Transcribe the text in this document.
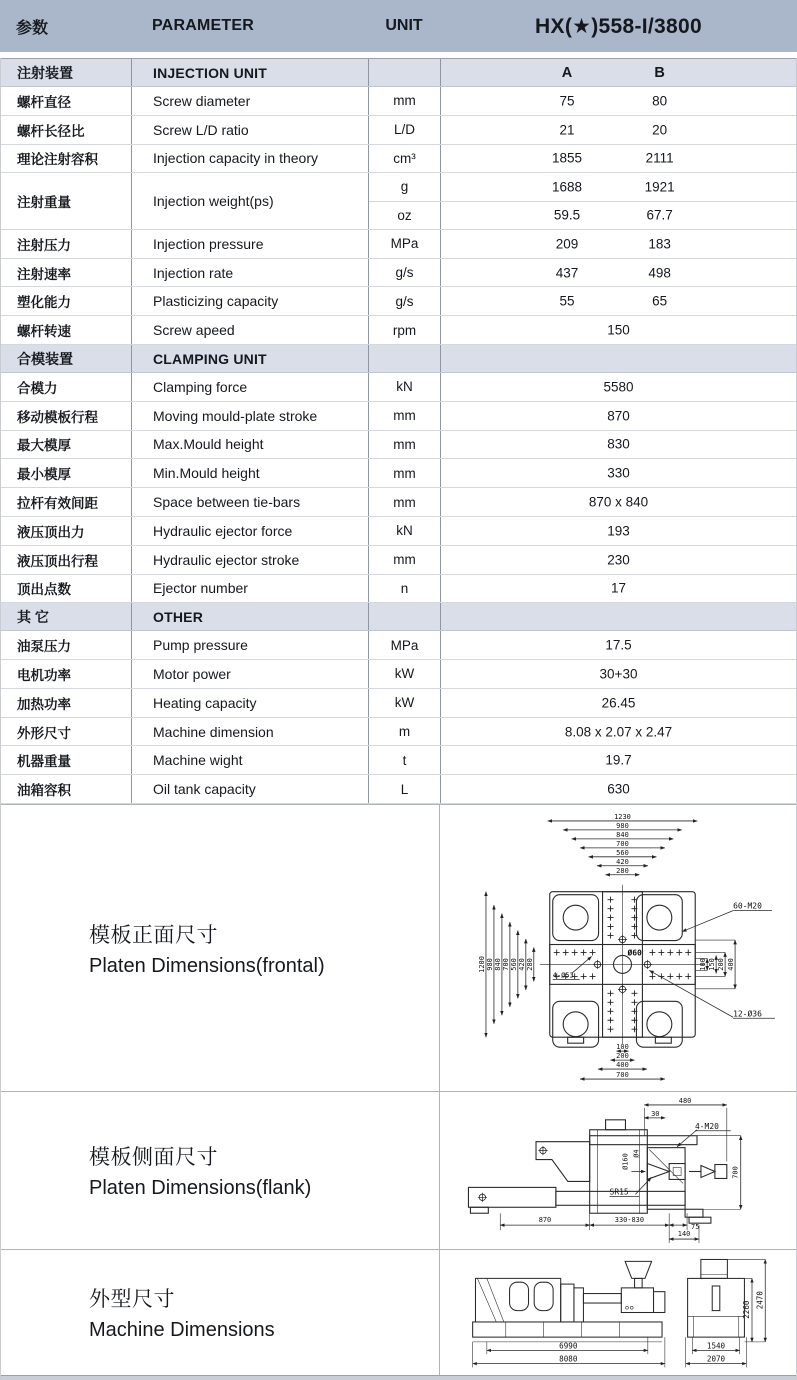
参数	PARAMETER	UNIT	HX(★)558-I/3800
注射装置	INJECTION UNIT	A	B
螺杆直径	Screw diameter	mm	75	80
螺杆长径比	Screw L/D ratio	L/D	21	20
理论注射容积	Injection capacity in theory	cm³	1855	2111
注射重量	Injection weight(ps)
g	1688	1921
oz	59.5	67.7
注射压力	Injection pressure	MPa	209	183
注射速率	Injection rate	g/s	437	498
塑化能力	Plasticizing capacity	g/s	55	65
螺杆转速	Screw apeed	rpm	150
合模装置	CLAMPING UNIT
合模力	Clamping force	kN	5580
移动模板行程	Moving mould-plate stroke	mm	870
最大模厚	Max.Mould height	mm	830
最小模厚	Min.Mould height	mm	330
拉杆有效间距	Space between tie-bars	mm	870 x 840
液压顶出力	Hydraulic ejector force	kN	193
液压顶出行程	Hydraulic ejector stroke	mm	230
顶出点数	Ejector number	n	17
其 它	OTHER
油泵压力	Pump pressure	MPa	17.5
电机功率	Motor power	kW	30+30
加热功率	Heating capacity	kW	26.45
外形尺寸	Machine dimension	m	8.08 x 2.07 x 2.47
机器重量	Machine wight	t	19.7
油箱容积	Oil tank capacity	L	630
模板正面尺寸
Platen Dimensions(frontal)
1230
980
840
700
560
420
280
1200 980 840 700 560 420 280	100 150 200 400
100
200
400
700
60-M20
12-Ø36
4-Ø53
Ø60
模板侧面尺寸
Platen Dimensions(flank)
480
30
4-M20
Ø4
Ø160
SR15
700
870	330-830
75
140
外型尺寸
Machine Dimensions
6990
8080
1540
2070
2260
2470
